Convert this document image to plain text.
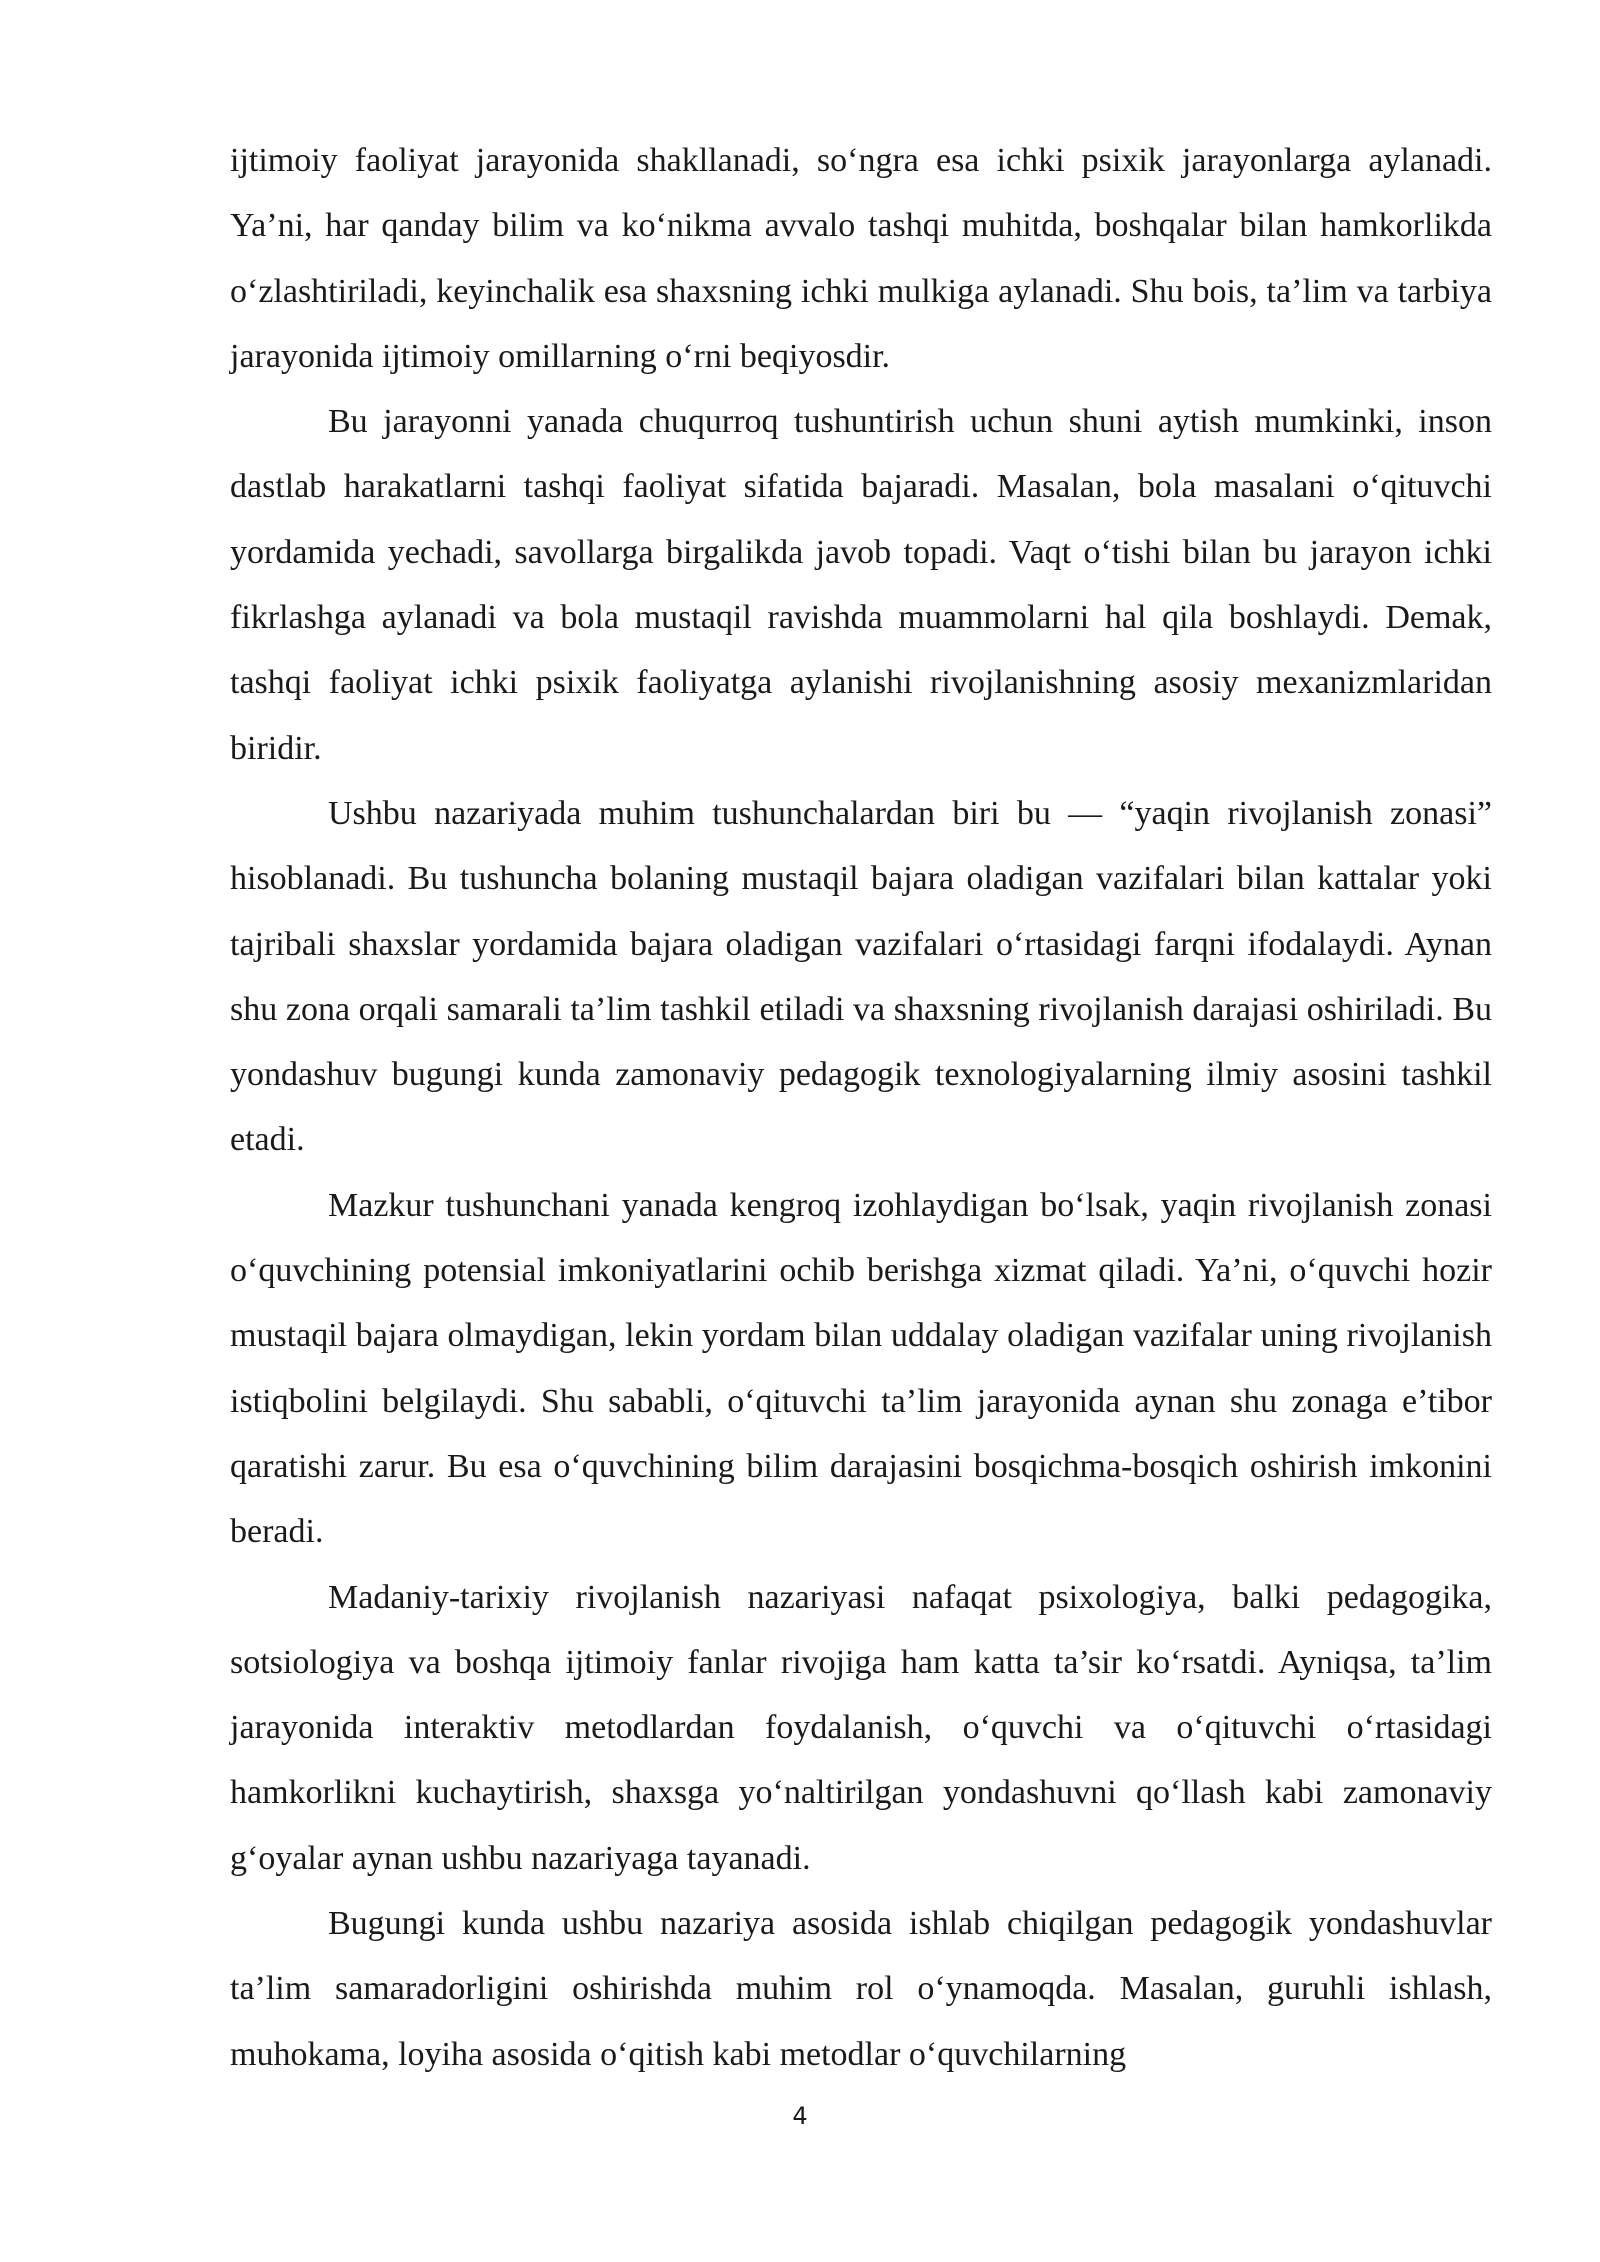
ijtimoiy faoliyat jarayonida shakllanadi, so‘ngra esa ichki psixik jarayonlarga aylanadi. Ya’ni, har qanday bilim va ko‘nikma avvalo tashqi muhitda, boshqalar bilan hamkorlikda o‘zlashtiriladi, keyinchalik esa shaxsning ichki mulkiga aylanadi. Shu bois, ta’lim va tarbiya jarayonida ijtimoiy omillarning o‘rni beqiyosdir.

Bu jarayonni yanada chuqurroq tushuntirish uchun shuni aytish mumkinki, inson dastlab harakatlarni tashqi faoliyat sifatida bajaradi. Masalan, bola masalani o‘qituvchi yordamida yechadi, savollarga birgalikda javob topadi. Vaqt o‘tishi bilan bu jarayon ichki fikrlashga aylanadi va bola mustaqil ravishda muammolarni hal qila boshlaydi. Demak, tashqi faoliyat ichki psixik faoliyatga aylanishi rivojlanishning asosiy mexanizmlaridan biridir.

Ushbu nazariyada muhim tushunchalardan biri bu — “yaqin rivojlanish zonasi” hisoblanadi. Bu tushuncha bolaning mustaqil bajara oladigan vazifalari bilan kattalar yoki tajribali shaxslar yordamida bajara oladigan vazifalari o‘rtasidagi farqni ifodalaydi. Aynan shu zona orqali samarali ta’lim tashkil etiladi va shaxsning rivojlanish darajasi oshiriladi. Bu yondashuv bugungi kunda zamonaviy pedagogik texnologiyalarning ilmiy asosini tashkil etadi.

Mazkur tushunchani yanada kengroq izohlaydigan bo‘lsak, yaqin rivojlanish zonasi o‘quvchining potensial imkoniyatlarini ochib berishga xizmat qiladi. Ya’ni, o‘quvchi hozir mustaqil bajara olmaydigan, lekin yordam bilan uddalay oladigan vazifalar uning rivojlanish istiqbolini belgilaydi. Shu sababli, o‘qituvchi ta’lim jarayonida aynan shu zonaga e’tibor qaratishi zarur. Bu esa o‘quvchining bilim darajasini bosqichma-bosqich oshirish imkonini beradi.

Madaniy-tarixiy rivojlanish nazariyasi nafaqat psixologiya, balki pedagogika, sotsiologiya va boshqa ijtimoiy fanlar rivojiga ham katta ta’sir ko‘rsatdi. Ayniqsa, ta’lim jarayonida interaktiv metodlardan foydalanish, o‘quvchi va o‘qituvchi o‘rtasidagi hamkorlikni kuchaytirish, shaxsga yo‘naltirilgan yondashuvni qo‘llash kabi zamonaviy g‘oyalar aynan ushbu nazariyaga tayanadi.

Bugungi kunda ushbu nazariya asosida ishlab chiqilgan pedagogik yondashuvlar ta’lim samaradorligini oshirishda muhim rol o‘ynamoqda. Masalan, guruhli ishlash, muhokama, loyiha asosida o‘qitish kabi metodlar o‘quvchilarning

4
